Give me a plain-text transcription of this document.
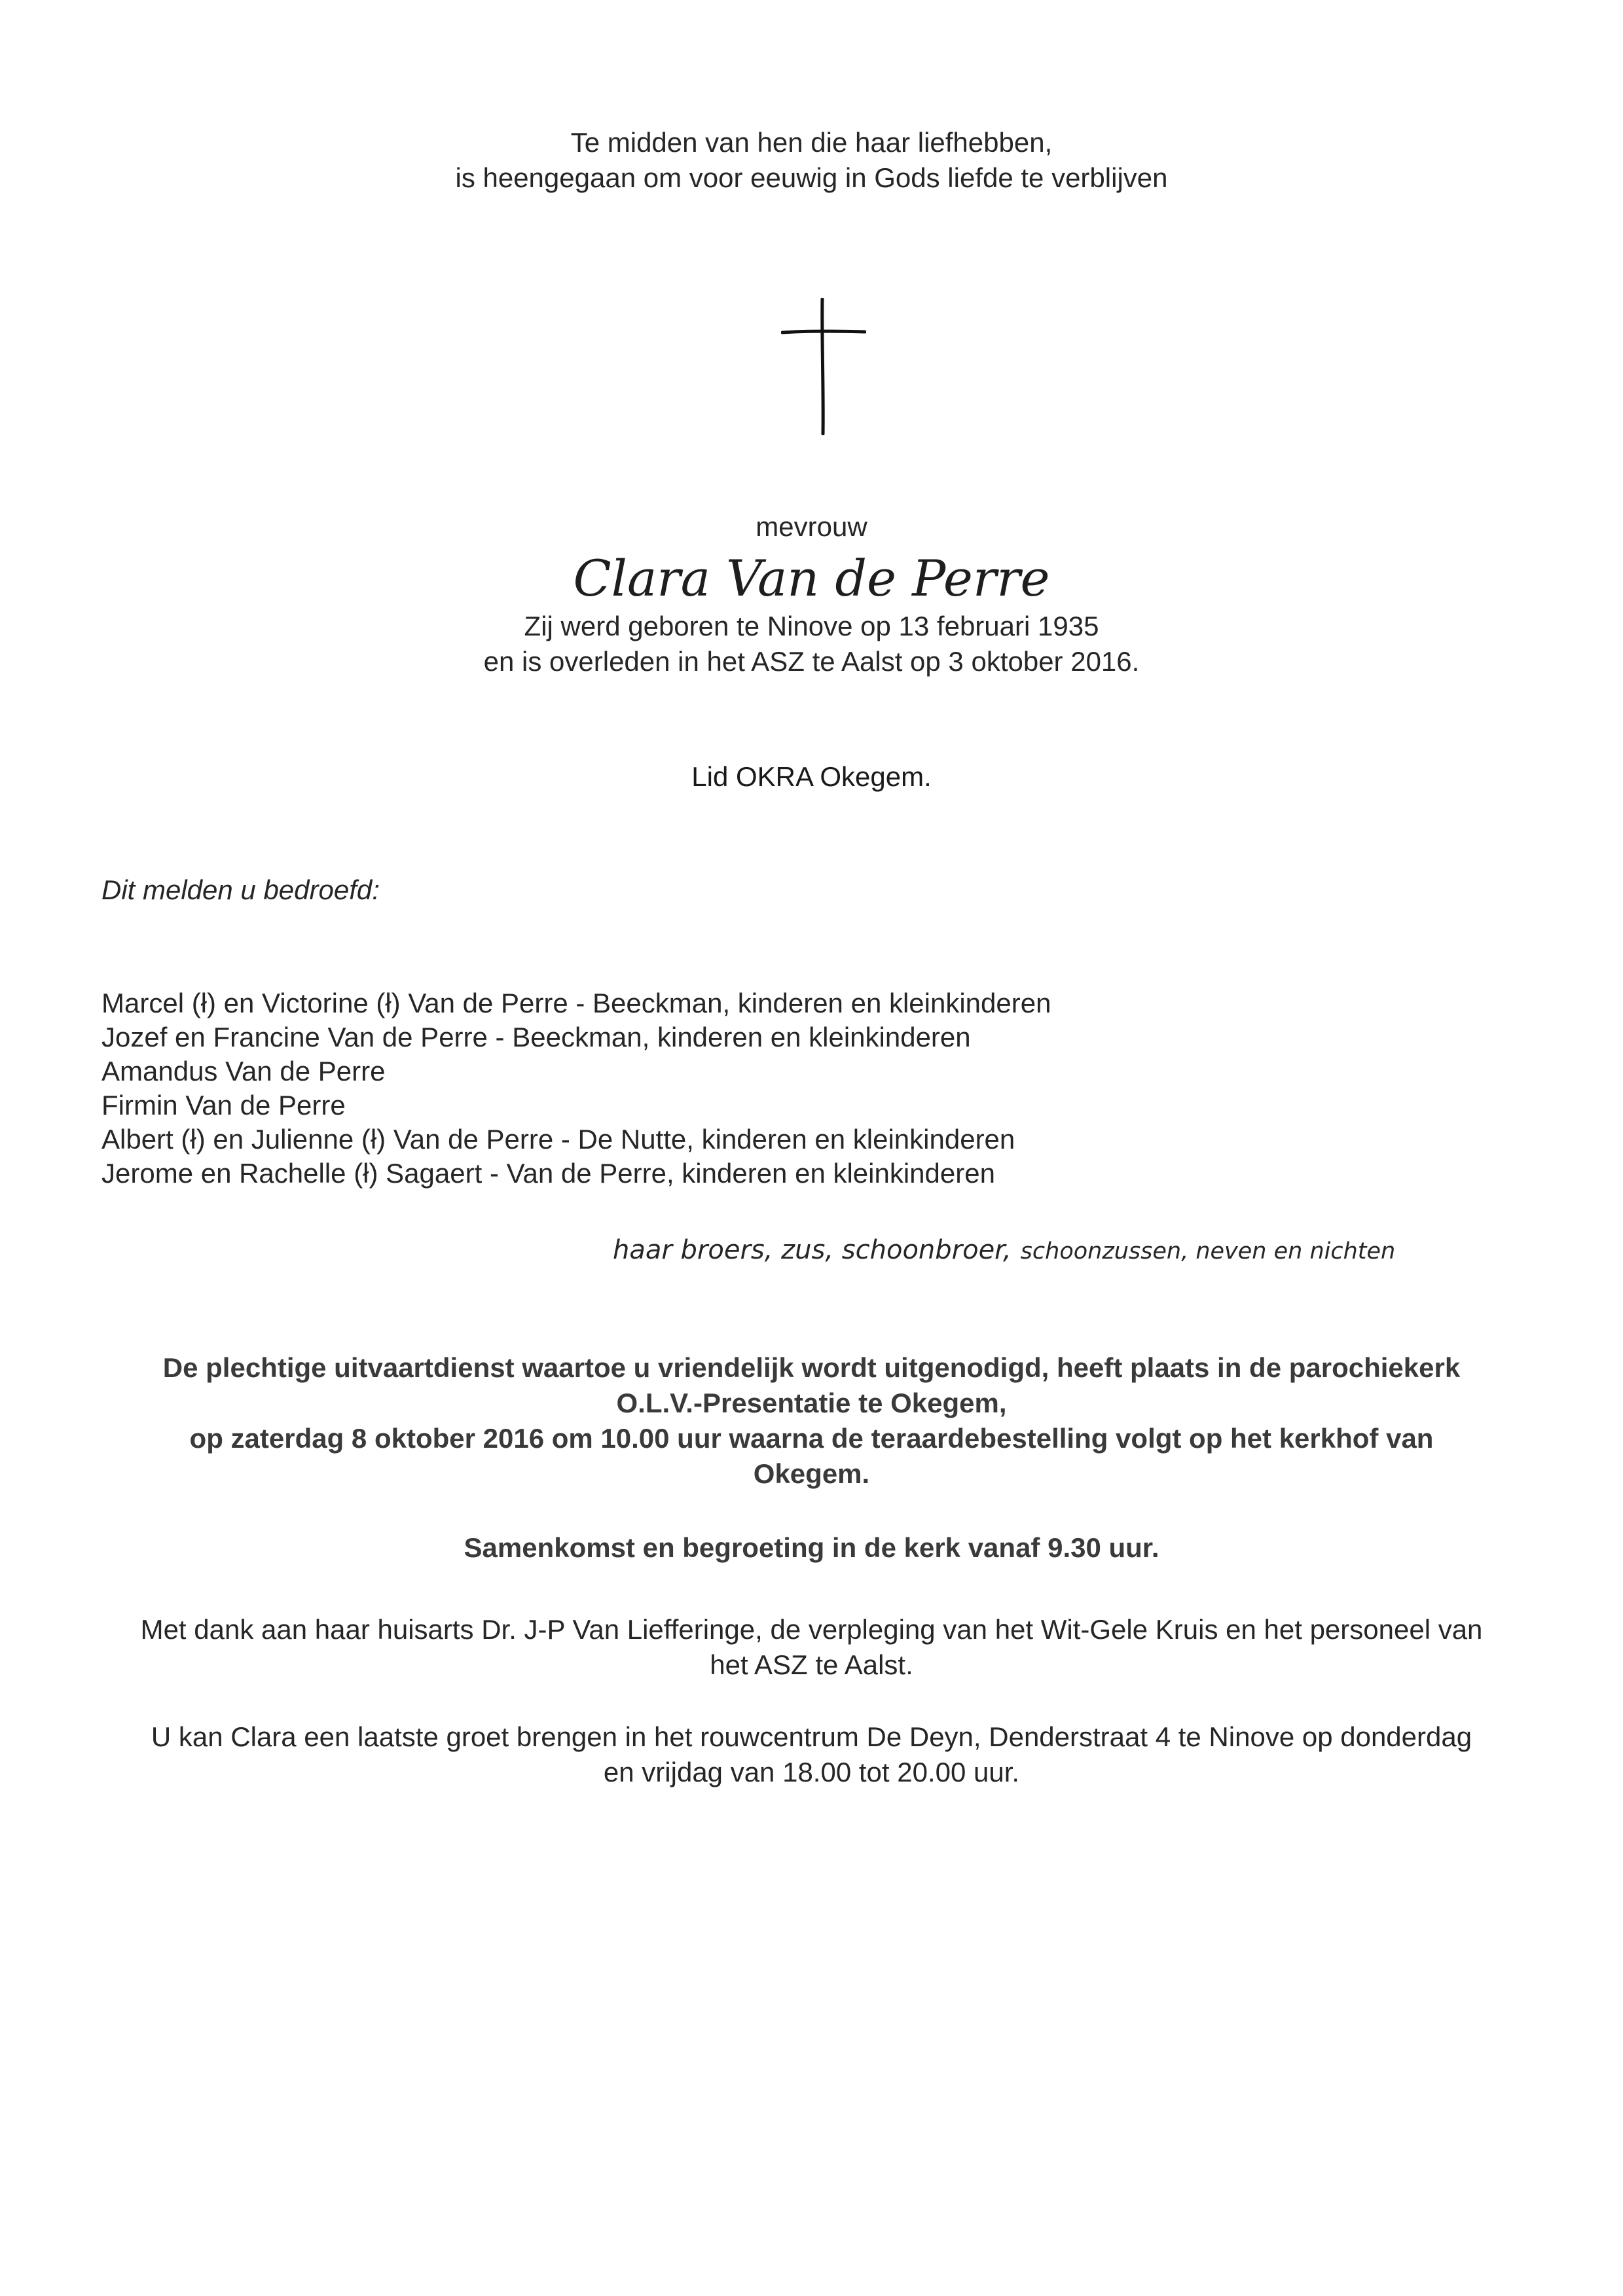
Te midden van hen die haar liefhebben,
is heengegaan om voor eeuwig in Gods liefde te verblijven
mevrouw
Clara Van de Perre
Zij werd geboren te Ninove op 13 februari 1935
en is overleden in het ASZ te Aalst op 3 oktober 2016.
Lid OKRA Okegem.
Dit melden u bedroefd:
Marcel (ł) en Victorine (ł) Van de Perre - Beeckman, kinderen en kleinkinderen
Jozef en Francine Van de Perre - Beeckman, kinderen en kleinkinderen
Amandus Van de Perre
Firmin Van de Perre
Albert (ł) en Julienne (ł) Van de Perre - De Nutte, kinderen en kleinkinderen
Jerome en Rachelle (ł) Sagaert - Van de Perre, kinderen en kleinkinderen
haar broers, zus, schoonbroer, schoonzussen, neven en nichten
De plechtige uitvaartdienst waartoe u vriendelijk wordt uitgenodigd, heeft plaats in de parochiekerk
O.L.V.-Presentatie te Okegem,
op zaterdag 8 oktober 2016 om 10.00 uur waarna de teraardebestelling volgt op het kerkhof van
Okegem.
Samenkomst en begroeting in de kerk vanaf 9.30 uur.
Met dank aan haar huisarts Dr. J-P Van Liefferinge, de verpleging van het Wit-Gele Kruis en het personeel van
het ASZ te Aalst.
U kan Clara een laatste groet brengen in het rouwcentrum De Deyn, Denderstraat 4 te Ninove op donderdag
en vrijdag van 18.00 tot 20.00 uur.
